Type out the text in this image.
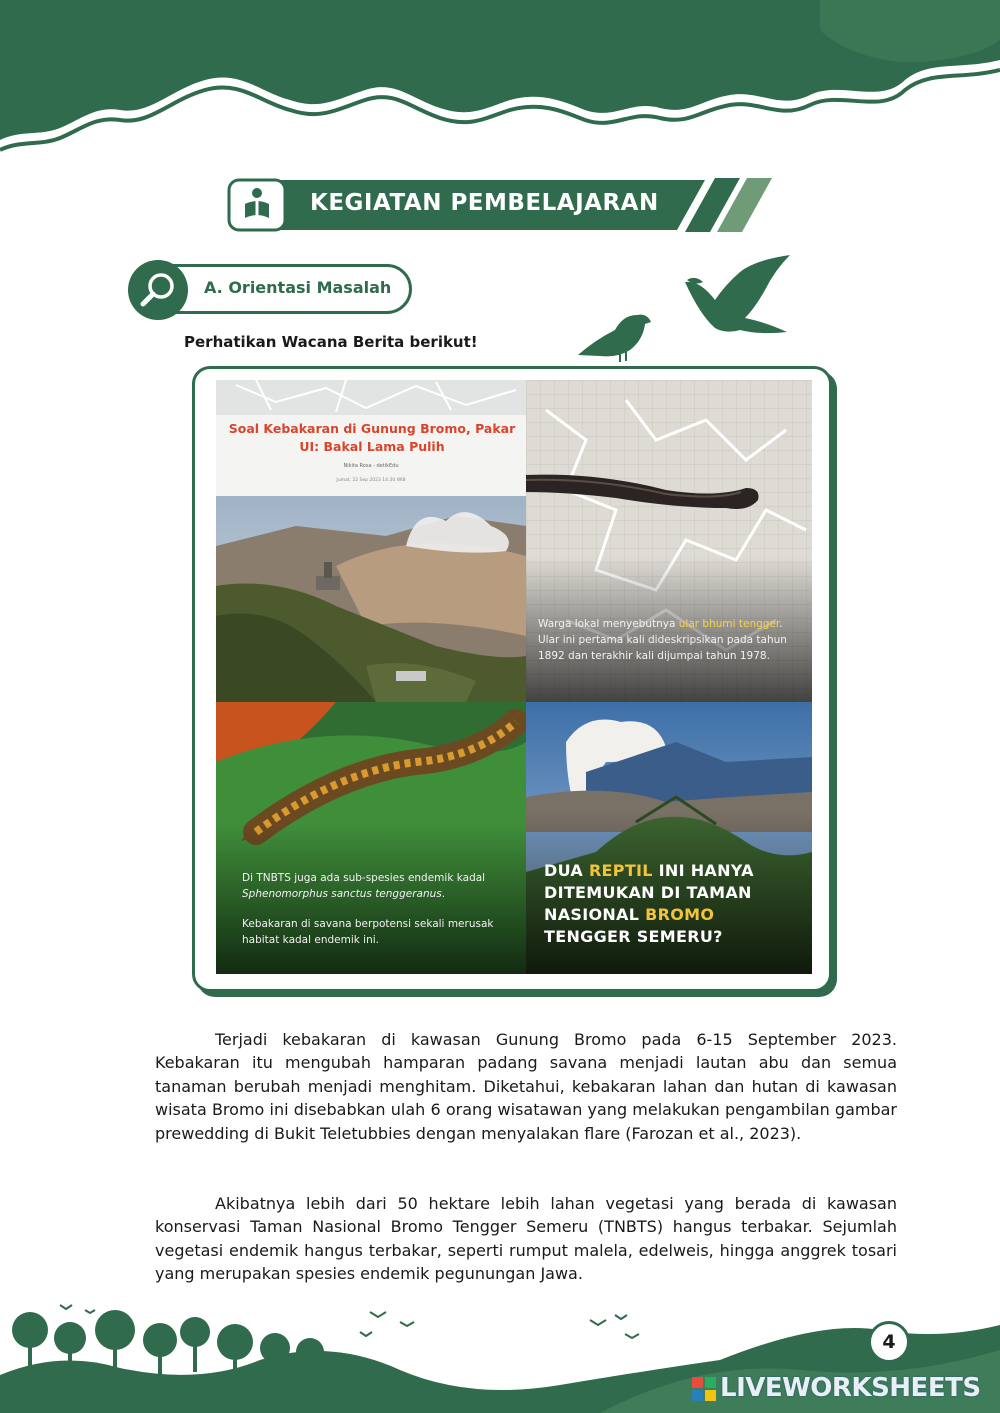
KEGIATAN PEMBELAJARAN
A. Orientasi Masalah
Perhatikan Wacana Berita berikut!
Soal Kebakaran di Gunung Bromo, Pakar UI: Bakal Lama Pulih
Nikita Rosa - detikEdu
Jumat, 22 Sep 2023 14:30 WIB
Warga lokal menyebutnya ular bhumi tengger. Ular ini pertama kali dideskripsikan pada tahun 1892 dan terakhir kali dijumpai tahun 1978.
Di TNBTS juga ada sub-spesies endemik kadal Sphenomorphus sanctus tenggeranus.
Kebakaran di savana berpotensi sekali merusak habitat kadal endemik ini.
DUA REPTIL INI HANYA DITEMUKAN DI TAMAN NASIONAL BROMO TENGGER SEMERU?

Terjadi kebakaran di kawasan Gunung Bromo pada 6-15 September 2023. Kebakaran itu mengubah hamparan padang savana menjadi lautan abu dan semua tanaman berubah menjadi menghitam. Diketahui, kebakaran lahan dan hutan di kawasan wisata Bromo ini disebabkan ulah 6 orang wisatawan yang melakukan pengambilan gambar prewedding di Bukit Teletubbies dengan menyalakan flare (Farozan et al., 2023).

Akibatnya lebih dari 50 hektare lebih lahan vegetasi yang berada di kawasan konservasi Taman Nasional Bromo Tengger Semeru (TNBTS) hangus terbakar. Sejumlah vegetasi endemik hangus terbakar, seperti rumput malela, edelweis, hingga anggrek tosari yang merupakan spesies endemik pegunungan Jawa.

4
LIVEWORKSHEETS
